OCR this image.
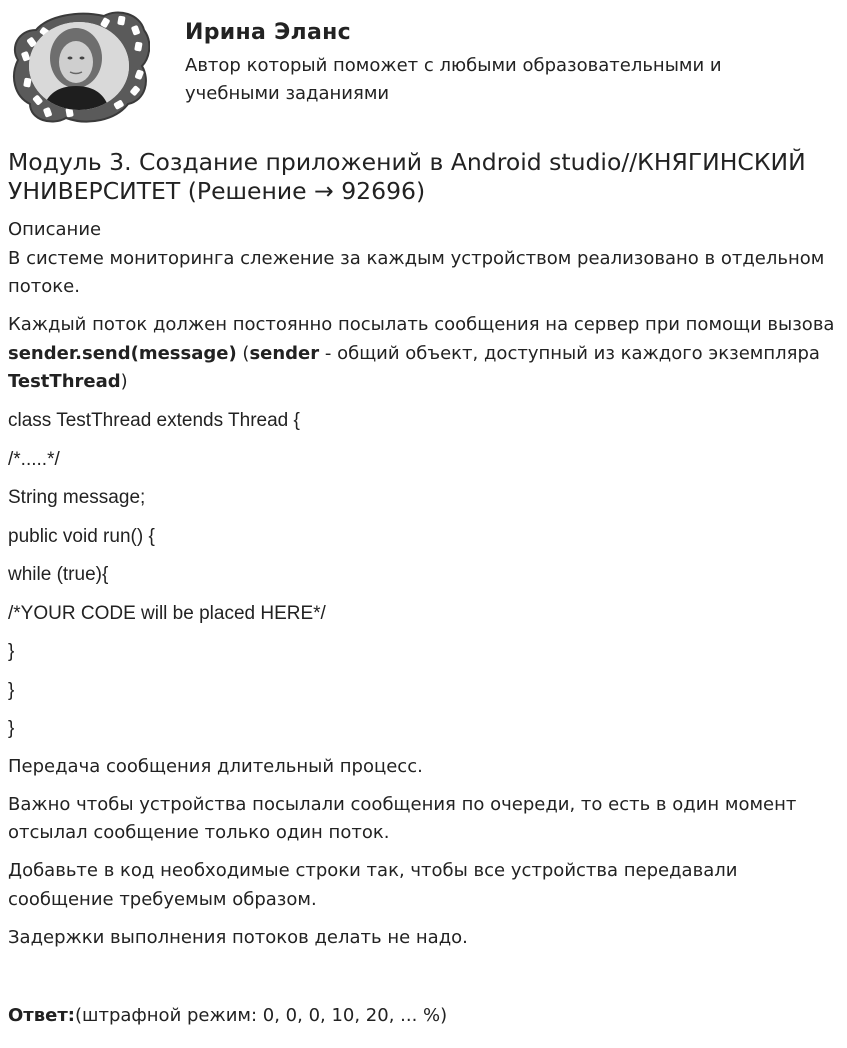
Ирина Эланс
Автор который поможет с любыми образовательными и
учебными заданиями
Модуль 3. Создание приложений в Android studio//КНЯГИНСКИЙ
УНИВЕРСИТЕТ (Решение → 92696)

Описание

В системе мониторинга слежение за каждым устройством реализовано в отдельном потоке.

Каждый поток должен постоянно посылать сообщения на сервер при помощи вызова sender.send(message) (sender - общий объект, доступный из каждого экземпляра TestThread)

class TestThread extends Thread {

/*.....*/

String message;

public void run() {

while (true){

/*YOUR CODE will be placed HERE*/

}

}

}

Передача сообщения длительный процесс.

Важно чтобы устройства посылали сообщения по очереди, то есть в один момент отсылал сообщение только один поток.

Добавьте в код необходимые строки так, чтобы все устройства передавали сообщение требуемым образом.

Задержки выполнения потоков делать не надо.

Ответ:(штрафной режим: 0, 0, 0, 10, 20, ... %)
